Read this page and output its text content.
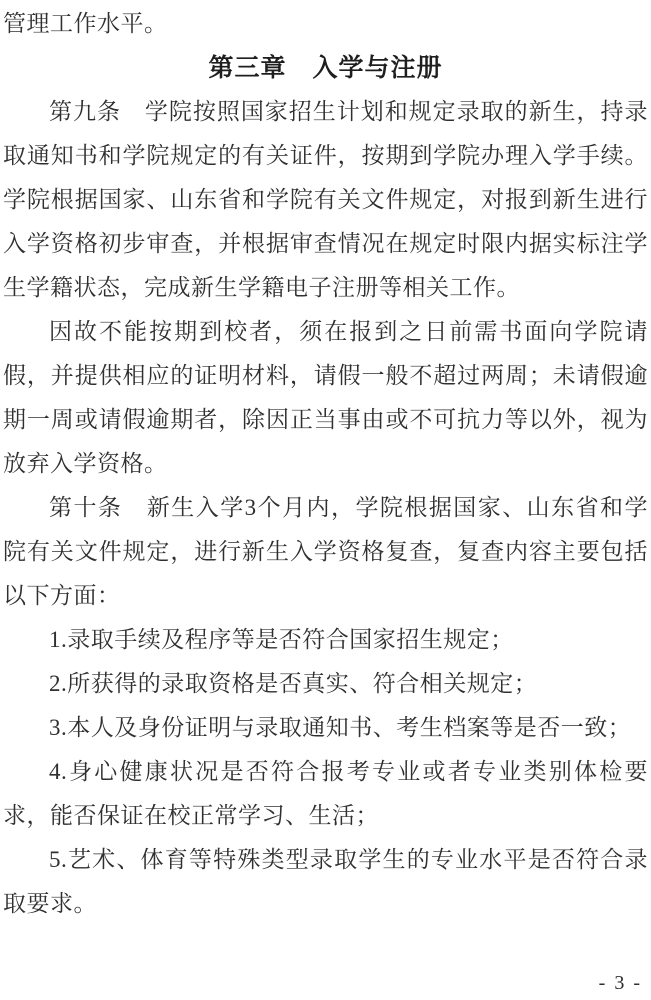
管理工作水平。

第三章　入学与注册

第九条　学院按照国家招生计划和规定录取的新生，持录取通知书和学院规定的有关证件，按期到学院办理入学手续。学院根据国家、山东省和学院有关文件规定，对报到新生进行入学资格初步审查，并根据审查情况在规定时限内据实标注学生学籍状态，完成新生学籍电子注册等相关工作。

因故不能按期到校者，须在报到之日前需书面向学院请假，并提供相应的证明材料，请假一般不超过两周；未请假逾期一周或请假逾期者，除因正当事由或不可抗力等以外，视为放弃入学资格。

第十条　新生入学3个月内，学院根据国家、山东省和学院有关文件规定，进行新生入学资格复查，复查内容主要包括以下方面：

1.录取手续及程序等是否符合国家招生规定；

2.所获得的录取资格是否真实、符合相关规定；

3.本人及身份证明与录取通知书、考生档案等是否一致；

4.身心健康状况是否符合报考专业或者专业类别体检要求，能否保证在校正常学习、生活；

5.艺术、体育等特殊类型录取学生的专业水平是否符合录取要求。

- 3 -
